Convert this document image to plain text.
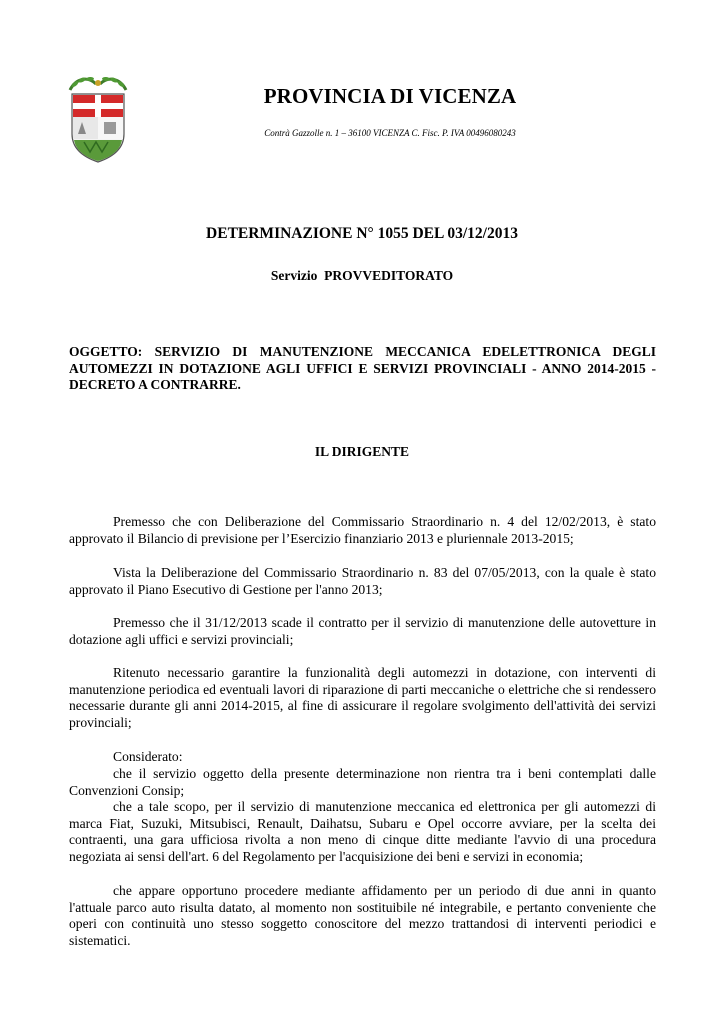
PROVINCIA DI VICENZA
Contrà Gazzolle n. 1 – 36100 VICENZA C. Fisc. P. IVA 00496080243
DETERMINAZIONE N° 1055 DEL 03/12/2013
Servizio  PROVVEDITORATO
OGGETTO: SERVIZIO DI MANUTENZIONE MECCANICA EDELETTRONICA DEGLI AUTOMEZZI IN DOTAZIONE AGLI UFFICI E SERVIZI PROVINCIALI - ANNO 2014-2015 - DECRETO A CONTRARRE.
IL DIRIGENTE

Premesso che con Deliberazione del Commissario Straordinario n. 4 del 12/02/2013, è stato approvato il Bilancio di previsione per l’Esercizio finanziario 2013 e pluriennale 2013-2015;

Vista la Deliberazione del Commissario Straordinario n. 83 del 07/05/2013, con la quale è stato approvato il Piano Esecutivo di Gestione per l'anno 2013;

Premesso che il 31/12/2013 scade il contratto per il servizio di manutenzione delle autovetture in dotazione agli uffici e servizi provinciali;

Ritenuto necessario garantire la funzionalità degli automezzi in dotazione, con interventi di manutenzione periodica ed eventuali lavori di riparazione di parti meccaniche o elettriche che si rendessero necessarie durante gli anni 2014-2015, al fine di assicurare il regolare svolgimento dell'attività dei servizi provinciali;

Considerato:

che il servizio oggetto della presente determinazione non rientra tra i beni contemplati dalle Convenzioni Consip;

che a tale scopo, per il servizio di manutenzione meccanica ed elettronica per gli automezzi di marca Fiat, Suzuki, Mitsubisci, Renault, Daihatsu, Subaru e Opel occorre avviare, per la scelta dei contraenti, una gara ufficiosa rivolta a non meno di cinque ditte mediante l'avvio di una procedura negoziata ai sensi dell'art. 6 del Regolamento per l'acquisizione dei beni e servizi in economia;

che appare opportuno procedere mediante affidamento per un periodo di due anni in quanto l'attuale parco auto risulta datato, al momento non sostituibile né integrabile, e pertanto conveniente che operi con continuità uno stesso soggetto conoscitore del mezzo trattandosi di interventi periodici e sistematici.
